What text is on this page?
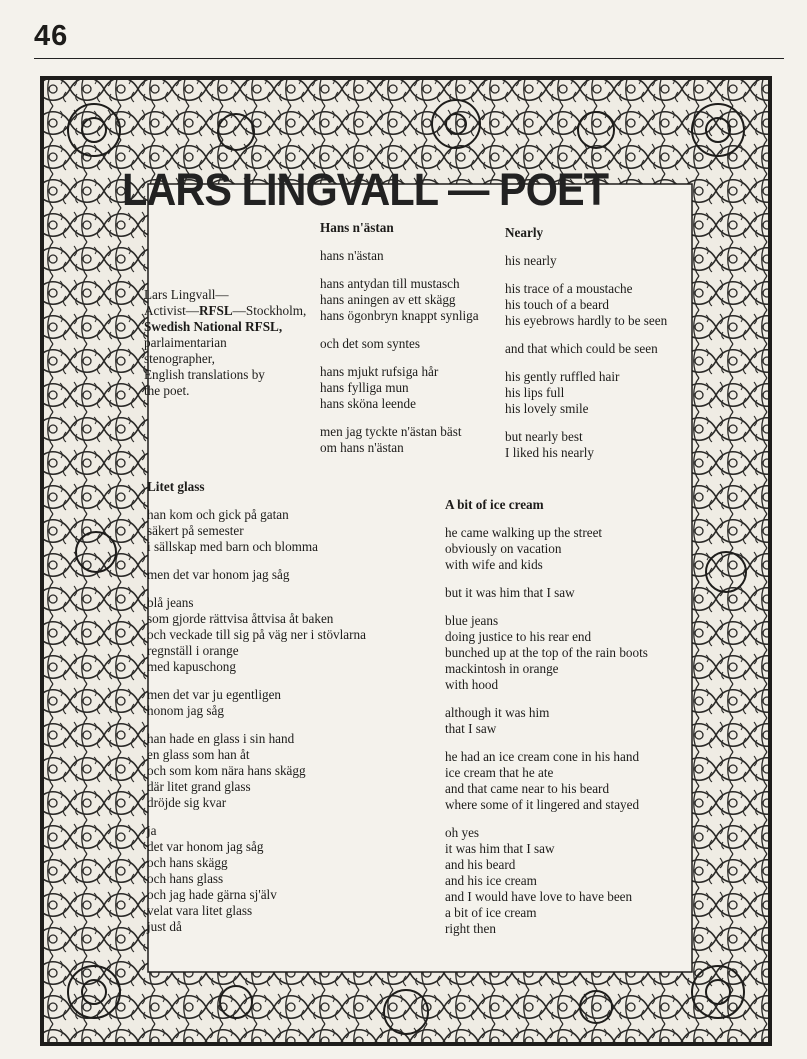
46
LARS LINGVALL — POET
Lars Lingvall—
Activist—RFSL—Stockholm,
Swedish National RFSL,
parlaimentarian
stenographer,
English translations by
the poet.
Hans n'ästan
hans n'ästan
hans antydan till mustasch
hans aningen av ett skägg
hans ögonbryn knappt synliga
och det som syntes
hans mjukt rufsiga hår
hans fylliga mun
hans sköna leende
men jag tyckte n'ästan bäst
om hans n'ästan
Nearly
his nearly
his trace of a moustache
his touch of a beard
his eyebrows hardly to be seen
and that which could be seen
his gently ruffled hair
his lips full
his lovely smile
but nearly best
I liked his nearly
Litet glass
han kom och gick på gatan
säkert på semester
i sällskap med barn och blomma
men det var honom jag såg
blå jeans
som gjorde rättvisa åttvisa åt baken
och veckade till sig på väg ner i stövlarna
regnställ i orange
med kapuschong
men det var ju egentligen
honom jag såg
han hade en glass i sin hand
en glass som han åt
och som kom nära hans skägg
där litet grand glass
dröjde sig kvar
ja
det var honom jag såg
och hans skägg
och hans glass
och jag hade gärna sj'älv
velat vara litet glass
just då
A bit of ice cream
he came walking up the street
obviously on vacation
with wife and kids
but it was him that I saw
blue jeans
doing justice to his rear end
bunched up at the top of the rain boots
mackintosh in orange
with hood
although it was him
that I saw
he had an ice cream cone in his hand
ice cream that he ate
and that came near to his beard
where some of it lingered and stayed
oh yes
it was him that I saw
and his beard
and his ice cream
and I would have love to have been
a bit of ice cream
right then
